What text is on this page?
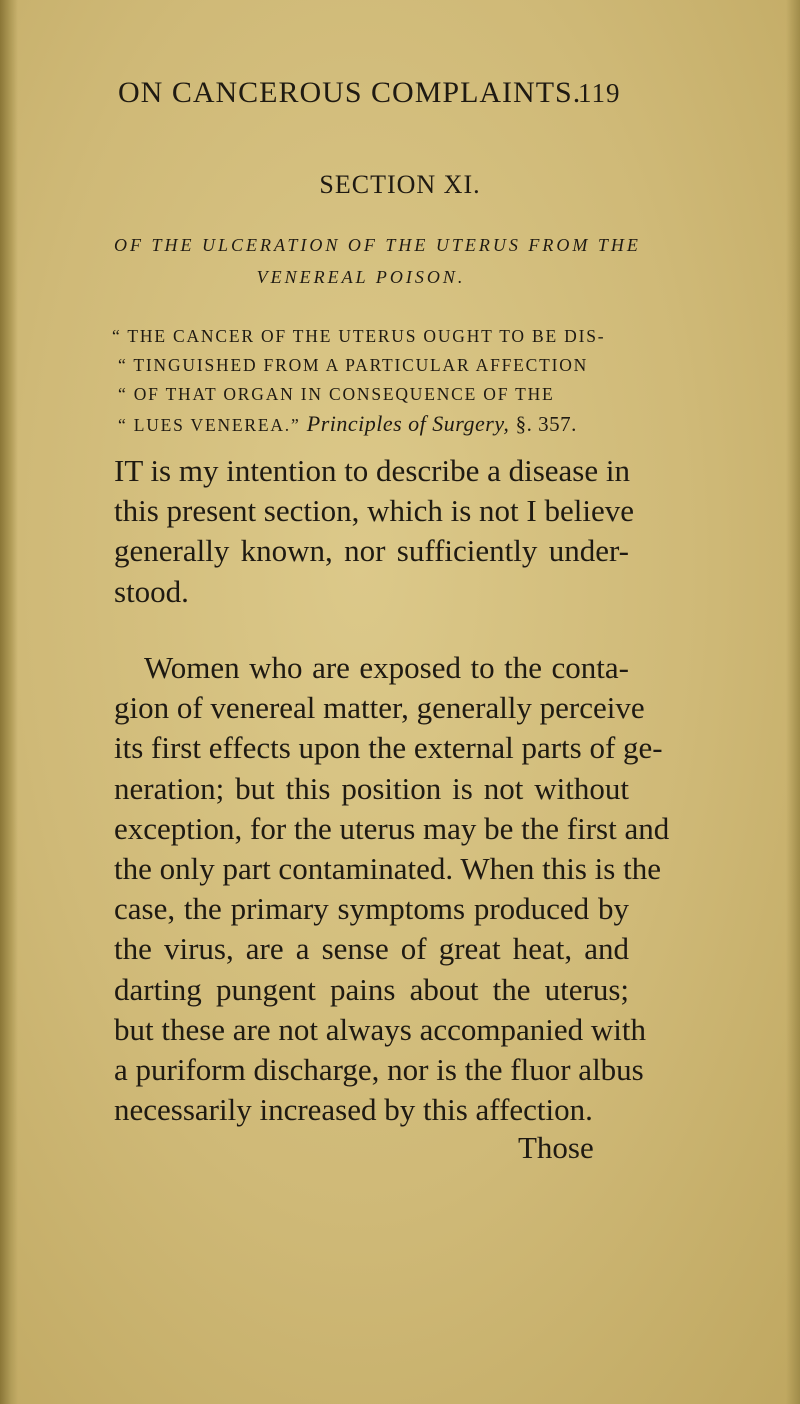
ON CANCEROUS COMPLAINTS.
119
SECTION XI.
OF THE ULCERATION OF THE UTERUS FROM THE
VENEREAL POISON.
“ THE CANCER OF THE UTERUS OUGHT TO BE DIS-
“ TINGUISHED FROM A PARTICULAR AFFECTION
“ OF THAT ORGAN IN CONSEQUENCE OF THE
“ LUES VENEREA.” Principles of Surgery, §. 357.
IT is my intention to describe a disease in
this present section, which is not I believe
generally known, nor sufficiently under-
stood.
Women who are exposed to the conta-
gion of venereal matter, generally perceive
its first effects upon the external parts of ge-
neration; but this position is not without
exception, for the uterus may be the first and
the only part contaminated. When this is the
case, the primary symptoms produced by
the virus, are a sense of great heat, and
darting pungent pains about the uterus;
but these are not always accompanied with
a puriform discharge, nor is the fluor albus
necessarily increased by this affection.
Those
